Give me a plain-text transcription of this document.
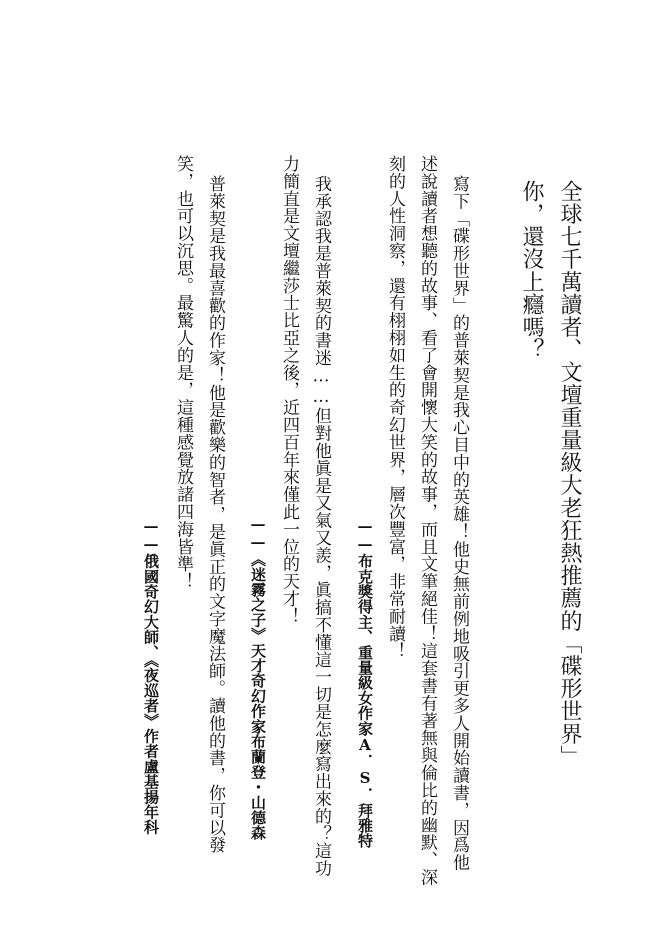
全球七千萬讀者、文壇重量級大老狂熱推薦的「碟形世界」

你，還沒上癮嗎？

寫下「碟形世界」的普萊契是我心目中的英雄！他史無前例地吸引更多人開始讀書，因爲他

述說讀者想聽的故事、看了會開懷大笑的故事，而且文筆絕佳！這套書有著無與倫比的幽默、深

刻的人性洞察，還有栩栩如生的奇幻世界，層次豐富，非常耐讀！

——布克獎得主、重量級女作家A．S．拜雅特

我承認我是普萊契的書迷……但對他眞是又氣又羨，眞搞不懂這一切是怎麼寫出來的？這功

力簡直是文壇繼莎士比亞之後，近四百年來僅此一位的天才！

——《迷霧之子》天才奇幻作家布蘭登・山德森

普萊契是我最喜歡的作家！他是歡樂的智者，是眞正的文字魔法師。讀他的書，你可以發

笑，也可以沉思。最驚人的是，這種感覺放諸四海皆準！

——俄國奇幻大師、《夜巡者》作者盧基揚年科
